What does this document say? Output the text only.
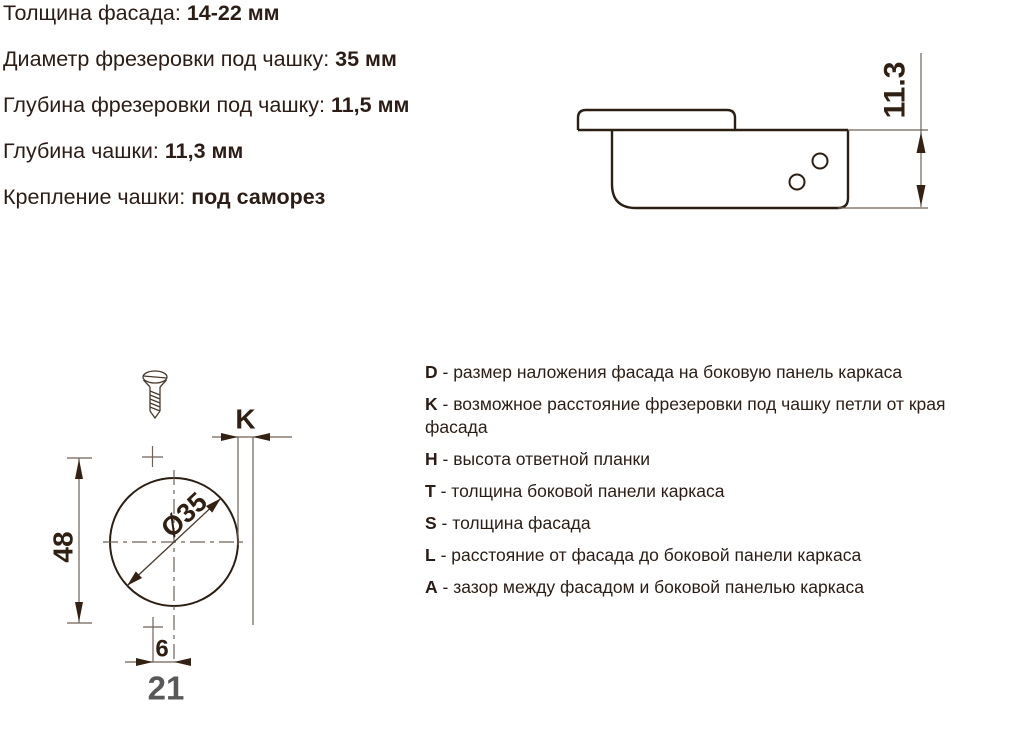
Толщина фасада: 14-22 мм
Диаметр фрезеровки под чашку: 35 мм
Глубина фрезеровки под чашку: 11,5 мм
Глубина чашки: 11,3 мм
Крепление чашки: под саморез
11.3
48
Ø35
K
6
21
D - размер наложения фасада на боковую панель каркаса
K - возможное расстояние фрезеровки под чашку петли от края фасада
H - высота ответной планки
T - толщина боковой панели каркаса
S - толщина фасада
L - расстояние от фасада до боковой панели каркаса
A - зазор между фасадом и боковой панелью каркаса
